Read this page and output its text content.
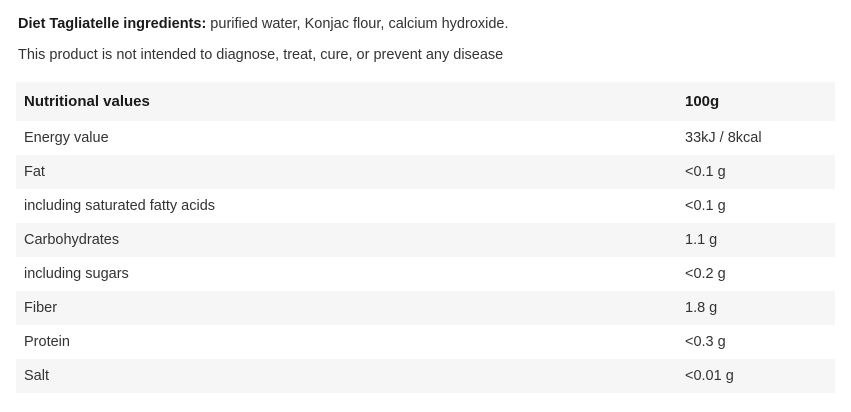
Diet Tagliatelle ingredients: purified water, Konjac flour, calcium hydroxide.

This product is not intended to diagnose, treat, cure, or prevent any disease

Nutritional values	100g
Energy value	33kJ / 8kcal
Fat	<0.1 g
including saturated fatty acids	<0.1 g
Carbohydrates	1.1 g
including sugars	<0.2 g
Fiber	1.8 g
Protein	<0.3 g
Salt	<0.01 g
